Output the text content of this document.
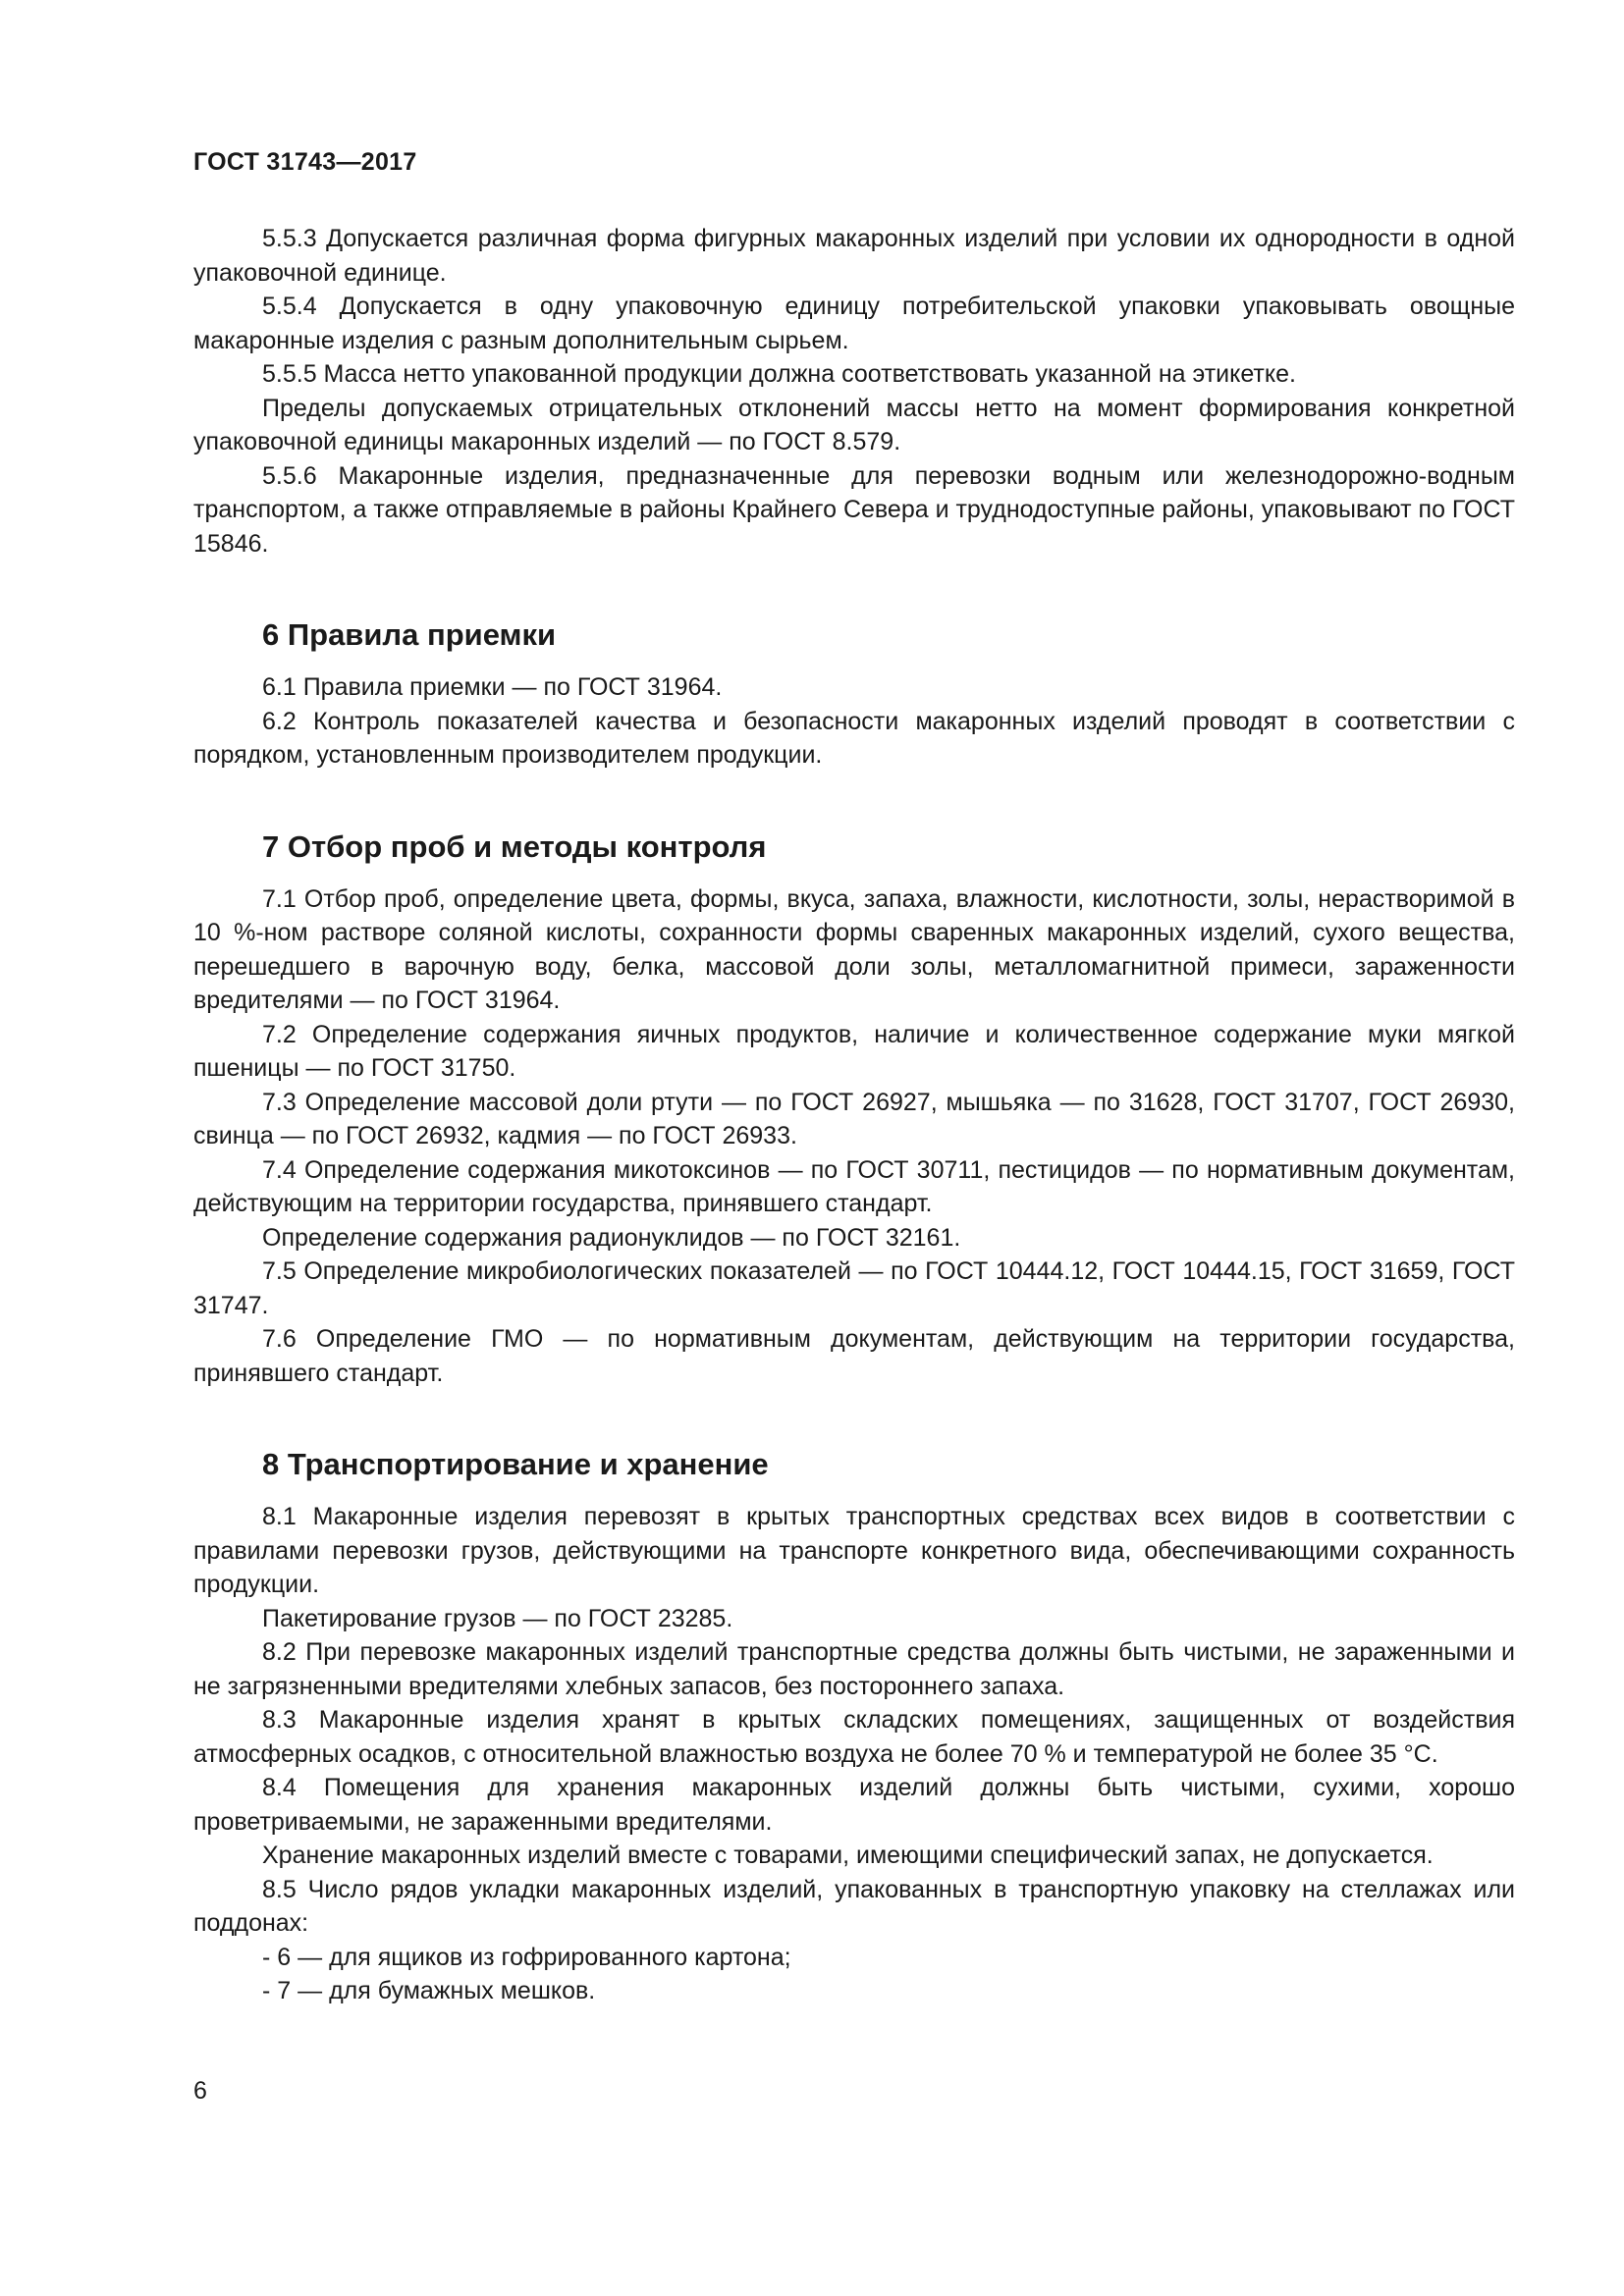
ГОСТ 31743—2017

5.5.3 Допускается различная форма фигурных макаронных изделий при условии их однородности в одной упаковочной единице.

5.5.4 Допускается в одну упаковочную единицу потребительской упаковки упаковывать овощные макаронные изделия с разным дополнительным сырьем.

5.5.5 Масса нетто упакованной продукции должна соответствовать указанной на этикетке.

Пределы допускаемых отрицательных отклонений массы нетто на момент формирования конкретной упаковочной единицы макаронных изделий — по ГОСТ 8.579.

5.5.6 Макаронные изделия, предназначенные для перевозки водным или железнодорожно-водным транспортом, а также отправляемые в районы Крайнего Севера и труднодоступные районы, упаковывают по ГОСТ 15846.

6 Правила приемки

6.1 Правила приемки — по ГОСТ 31964.

6.2 Контроль показателей качества и безопасности макаронных изделий проводят в соответствии с порядком, установленным производителем продукции.

7 Отбор проб и методы контроля

7.1 Отбор проб, определение цвета, формы, вкуса, запаха, влажности, кислотности, золы, нерастворимой в 10 %-ном растворе соляной кислоты, сохранности формы сваренных макаронных изделий, сухого вещества, перешедшего в варочную воду, белка, массовой доли золы, металломагнитной примеси, зараженности вредителями — по ГОСТ 31964.

7.2 Определение содержания яичных продуктов, наличие и количественное содержание муки мягкой пшеницы — по ГОСТ 31750.

7.3 Определение массовой доли ртути — по ГОСТ 26927, мышьяка — по 31628, ГОСТ 31707, ГОСТ 26930, свинца — по ГОСТ 26932, кадмия — по ГОСТ 26933.

7.4 Определение содержания микотоксинов — по ГОСТ 30711, пестицидов — по нормативным документам, действующим на территории государства, принявшего стандарт.

Определение содержания радионуклидов — по ГОСТ 32161.

7.5 Определение микробиологических показателей — по ГОСТ 10444.12, ГОСТ 10444.15, ГОСТ 31659, ГОСТ 31747.

7.6 Определение ГМО — по нормативным документам, действующим на территории государства, принявшего стандарт.

8 Транспортирование и хранение

8.1 Макаронные изделия перевозят в крытых транспортных средствах всех видов в соответствии с правилами перевозки грузов, действующими на транспорте конкретного вида, обеспечивающими сохранность продукции.

Пакетирование грузов — по ГОСТ 23285.

8.2 При перевозке макаронных изделий транспортные средства должны быть чистыми, не зараженными и не загрязненными вредителями хлебных запасов, без постороннего запаха.

8.3 Макаронные изделия хранят в крытых складских помещениях, защищенных от воздействия атмосферных осадков, с относительной влажностью воздуха не более 70 % и температурой не более 35 °С.

8.4 Помещения для хранения макаронных изделий должны быть чистыми, сухими, хорошо проветриваемыми, не зараженными вредителями.

Хранение макаронных изделий вместе с товарами, имеющими специфический запах, не допускается.

8.5 Число рядов укладки макаронных изделий, упакованных в транспортную упаковку на стеллажах или поддонах:

- 6 — для ящиков из гофрированного картона;

- 7 — для бумажных мешков.

6
